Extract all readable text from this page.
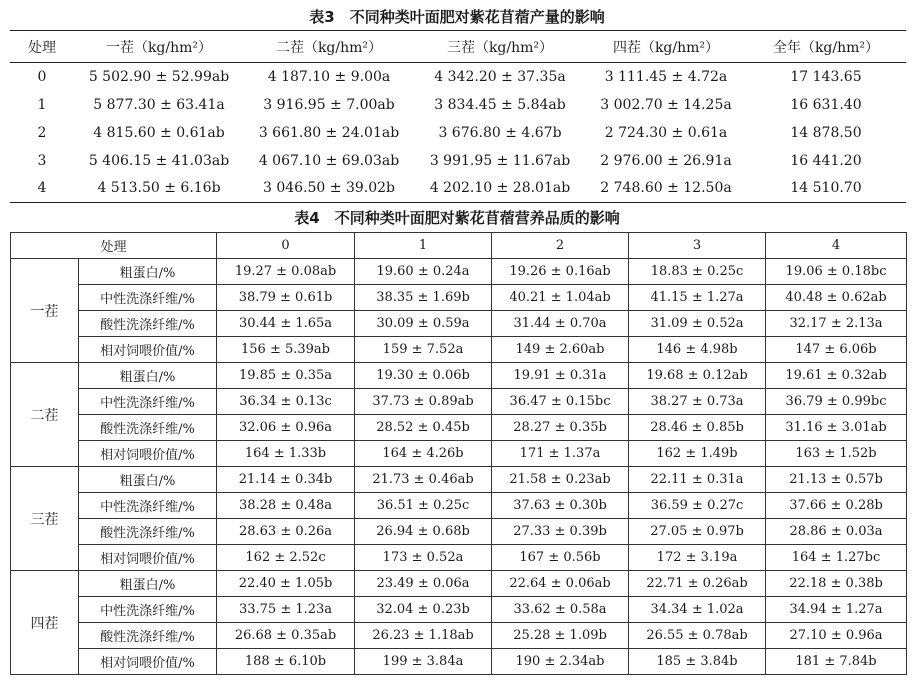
表3　不同种类叶面肥对紫花苜蓿产量的影响
处理	一茬（kg/hm²）	二茬（kg/hm²）	三茬（kg/hm²）	四茬（kg/hm²）	全年（kg/hm²）
0	5 502.90 ± 52.99ab	4 187.10 ± 9.00a	4 342.20 ± 37.35a	3 111.45 ± 4.72a	17 143.65
1	5 877.30 ± 63.41a	3 916.95 ± 7.00ab	3 834.45 ± 5.84ab	3 002.70 ± 14.25a	16 631.40
2	4 815.60 ± 0.61ab	3 661.80 ± 24.01ab	3 676.80 ± 4.67b	2 724.30 ± 0.61a	14 878.50
3	5 406.15 ± 41.03ab	4 067.10 ± 69.03ab	3 991.95 ± 11.67ab	2 976.00 ± 26.91a	16 441.20
4	4 513.50 ± 6.16b	3 046.50 ± 39.02b	4 202.10 ± 28.01ab	2 748.60 ± 12.50a	14 510.70
表4　不同种类叶面肥对紫花苜蓿营养品质的影响
处理		0	1	2	3	4
一茬	粗蛋白/%	19.27 ± 0.08ab	19.60 ± 0.24a	19.26 ± 0.16ab	18.83 ± 0.25c	19.06 ± 0.18bc
	中性洗涤纤维/%	38.79 ± 0.61b	38.35 ± 1.69b	40.21 ± 1.04ab	41.15 ± 1.27a	40.48 ± 0.62ab
	酸性洗涤纤维/%	30.44 ± 1.65a	30.09 ± 0.59a	31.44 ± 0.70a	31.09 ± 0.52a	32.17 ± 2.13a
	相对饲喂价值/%	156 ± 5.39ab	159 ± 7.52a	149 ± 2.60ab	146 ± 4.98b	147 ± 6.06b
二茬	粗蛋白/%	19.85 ± 0.35a	19.30 ± 0.06b	19.91 ± 0.31a	19.68 ± 0.12ab	19.61 ± 0.32ab
	中性洗涤纤维/%	36.34 ± 0.13c	37.73 ± 0.89ab	36.47 ± 0.15bc	38.27 ± 0.73a	36.79 ± 0.99bc
	酸性洗涤纤维/%	32.06 ± 0.96a	28.52 ± 0.45b	28.27 ± 0.35b	28.46 ± 0.85b	31.16 ± 3.01ab
	相对饲喂价值/%	164 ± 1.33b	164 ± 4.26b	171 ± 1.37a	162 ± 1.49b	163 ± 1.52b
三茬	粗蛋白/%	21.14 ± 0.34b	21.73 ± 0.46ab	21.58 ± 0.23ab	22.11 ± 0.31a	21.13 ± 0.57b
	中性洗涤纤维/%	38.28 ± 0.48a	36.51 ± 0.25c	37.63 ± 0.30b	36.59 ± 0.27c	37.66 ± 0.28b
	酸性洗涤纤维/%	28.63 ± 0.26a	26.94 ± 0.68b	27.33 ± 0.39b	27.05 ± 0.97b	28.86 ± 0.03a
	相对饲喂价值/%	162 ± 2.52c	173 ± 0.52a	167 ± 0.56b	172 ± 3.19a	164 ± 1.27bc
四茬	粗蛋白/%	22.40 ± 1.05b	23.49 ± 0.06a	22.64 ± 0.06ab	22.71 ± 0.26ab	22.18 ± 0.38b
	中性洗涤纤维/%	33.75 ± 1.23a	32.04 ± 0.23b	33.62 ± 0.58a	34.34 ± 1.02a	34.94 ± 1.27a
	酸性洗涤纤维/%	26.68 ± 0.35ab	26.23 ± 1.18ab	25.28 ± 1.09b	26.55 ± 0.78ab	27.10 ± 0.96a
	相对饲喂价值/%	188 ± 6.10b	199 ± 3.84a	190 ± 2.34ab	185 ± 3.84b	181 ± 7.84b
